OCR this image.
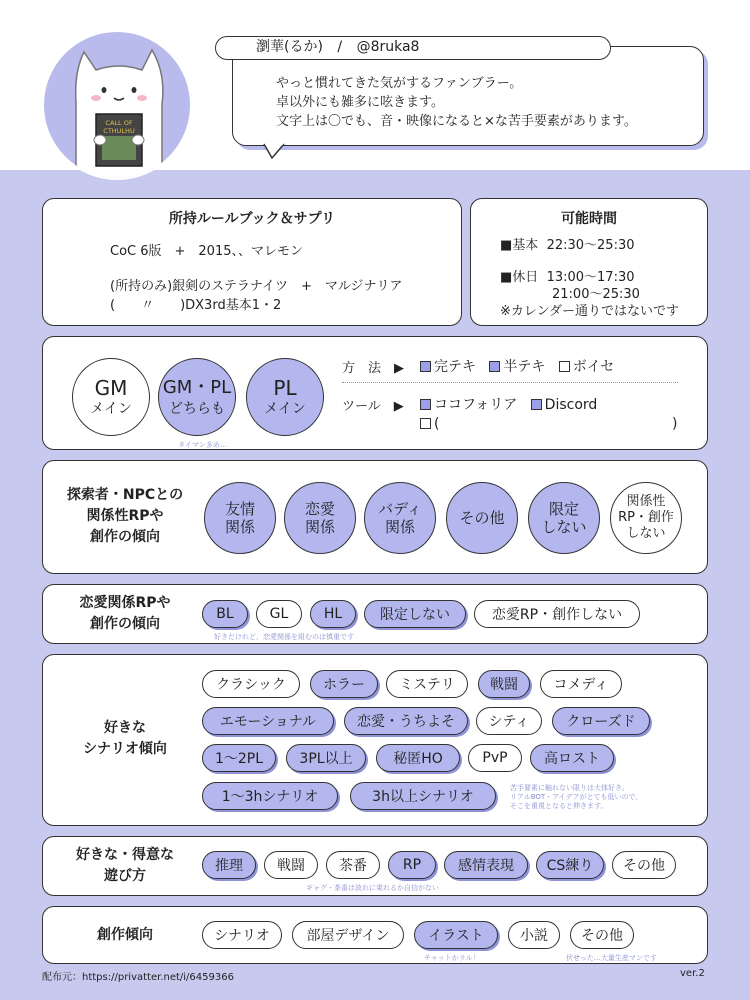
CALL OF
CTHULHU
瀏華(るか) / @8ruka8
やっと慣れてきた気がするファンブラー。
卓以外にも雑多に呟きます。
文字上は〇でも、音・映像になると×な苦手要素があります。
所持ルールブック＆サプリ
CoC 6版　+　2015、、マレモン
(所持のみ)銀剣のステラナイツ　+　マルジナリア
(　　〃　　)DX3rd基本1・2
可能時間
■基本 22:30〜25:30
■休日 13:00〜17:30
21:00〜25:30
※カレンダー通りではないです
GM
メイン
GM・PL
どちらも
PL
メイン
タイマン多め…
方　法　▶	完テキ 半テキ ボイセ
ツール　▶	ココフォリア Discord
(	)
探索者・NPCとの
関係性RPや
創作の傾向
友情
関係
恋愛
関係
バディ
関係	その他	限定
しない
関係性
RP・創作
しない
恋愛関係RPや
創作の傾向
BL	GL	HL	限定しない	恋愛RP・創作しない
好きだけれど、恋愛関係を組むのは慎重です
好きな
シナリオ傾向
クラシック	ホラー	ミステリ	戦闘	コメディ
エモーショナル	恋愛・うちよそ	シティ	クローズド
1〜2PL	3PL以上	秘匿HO	PvP	高ロスト
1〜3hシナリオ	3h以上シナリオ
苦手要素に触れない限りは大体好き。
リアルBOT・アイデアがとても低いので、
そこを重視となると伸きます。
好きな・得意な
遊び方
推理	戦闘	茶番	RP	感情表現	CS練り	その他
ギャグ・茶番は波れに乗れるか自信がない
創作傾向	シナリオ	部屋デザイン	イラスト	小説	その他
チャットかラル！	伏せった…大量生産マンです
配布元：https://privatter.net/i/6459366	ver.2
